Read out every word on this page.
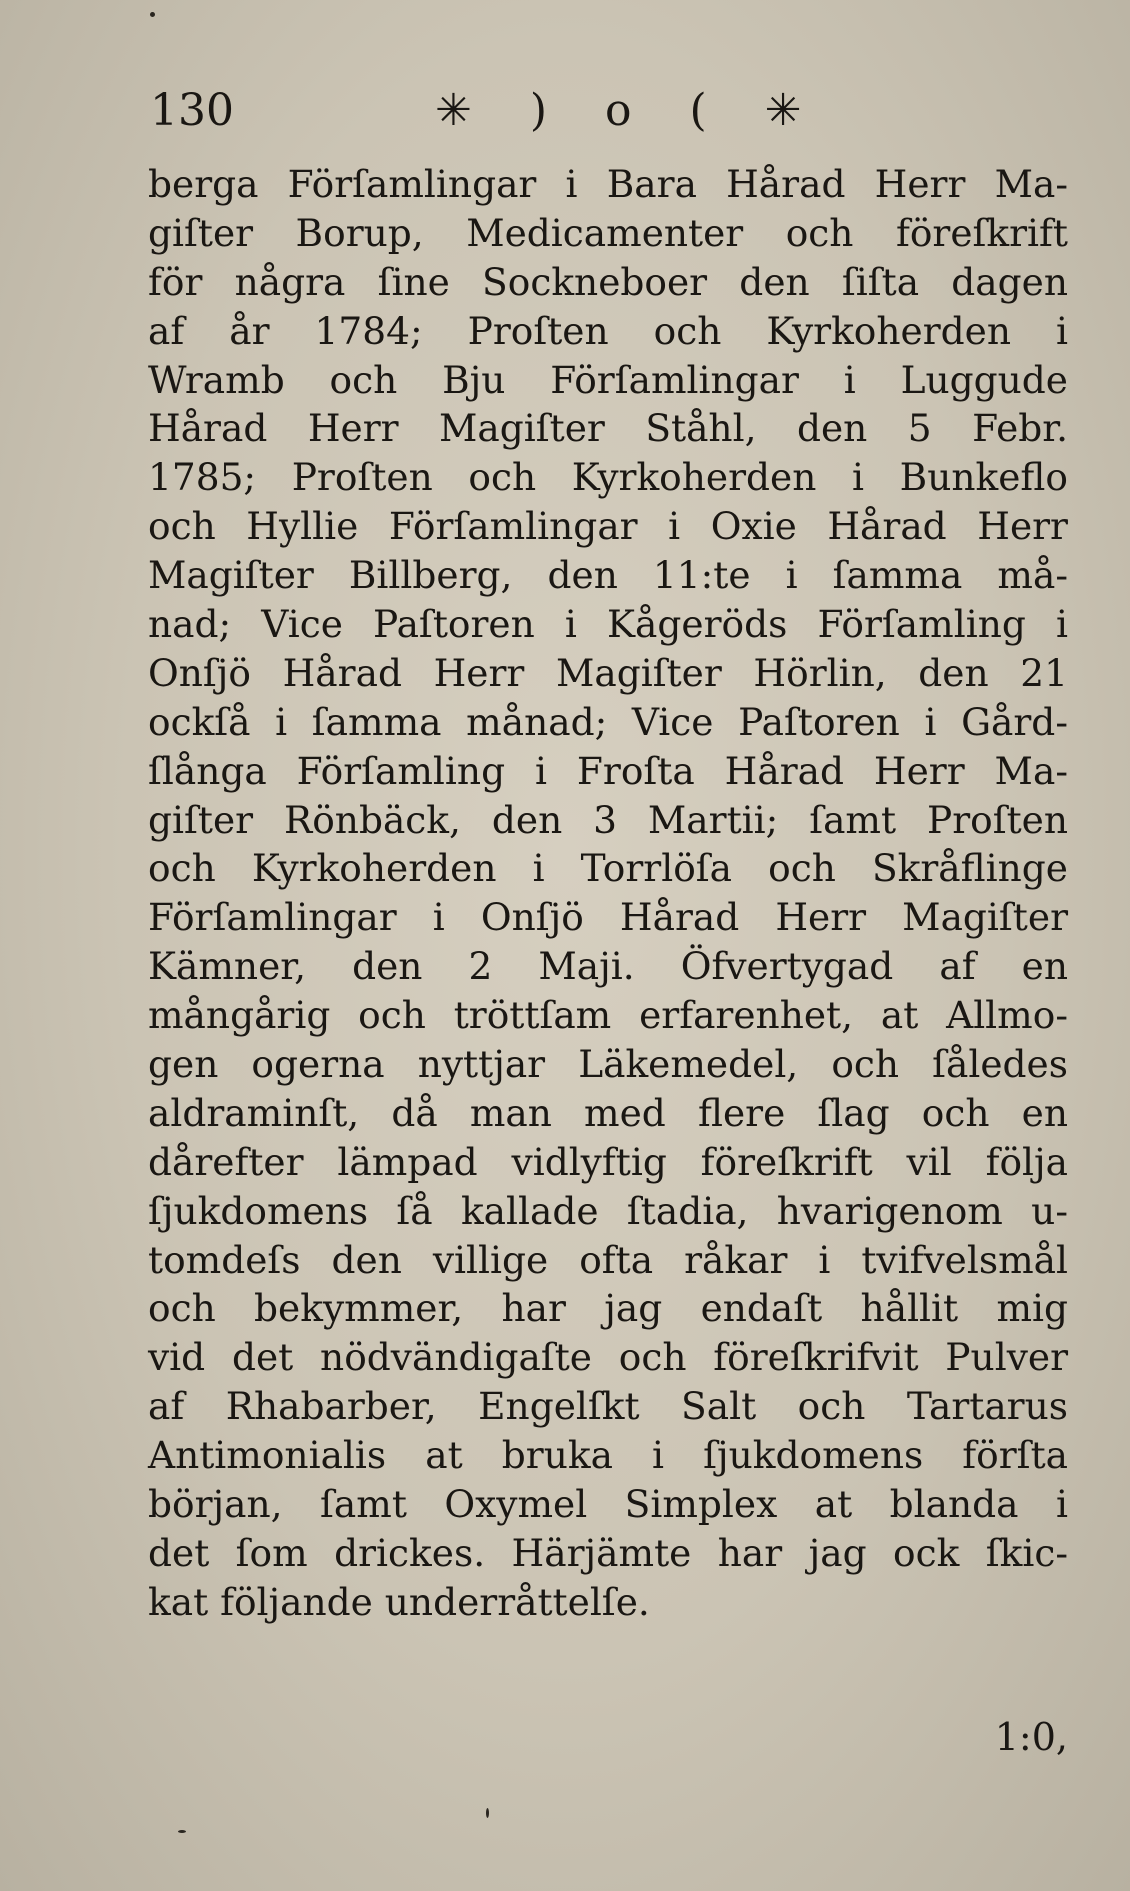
130	✳ ) o ( ✳
berga Förſamlingar i Bara Hårad Herr Ma-
giſter Borup, Medicamenter och föreſkrift
för några ſine Sockneboer den ſiſta dagen
af år 1784; Proſten och Kyrkoherden i
Wramb och Bju Förſamlingar i Luggude
Hårad Herr Magiſter Ståhl, den 5 Febr.
1785; Proſten och Kyrkoherden i Bunkeflo
och Hyllie Förſamlingar i Oxie Hårad Herr
Magiſter Billberg, den 11:te i ſamma må-
nad; Vice Paſtoren i Kågeröds Förſamling i
Onſjö Hårad Herr Magiſter Hörlin, den 21
ockſå i ſamma månad; Vice Paſtoren i Gård-
ſlånga Förſamling i Froſta Hårad Herr Ma-
giſter Rönbäck, den 3 Martii; ſamt Proſten
och Kyrkoherden i Torrlöſa och Skråflinge
Förſamlingar i Onſjö Hårad Herr Magiſter
Kämner, den 2 Maji. Öfvertygad af en
mångårig och tröttſam erfarenhet, at Allmo-
gen ogerna nyttjar Läkemedel, och ſåledes
aldraminſt, då man med flere ſlag och en
dårefter lämpad vidlyftig föreſkrift vil följa
ſjukdomens ſå kallade ſtadia, hvarigenom u-
tomdeſs den villige ofta råkar i tvifvelsmål
och bekymmer, har jag endaſt hållit mig
vid det nödvändigaſte och föreſkrifvit Pulver
af Rhabarber, Engelſkt Salt och Tartarus
Antimonialis at bruka i ſjukdomens förſta
början, ſamt Oxymel Simplex at blanda i
det ſom drickes. Härjämte har jag ock ſkic-
kat följande underråttelſe.
1:0,
